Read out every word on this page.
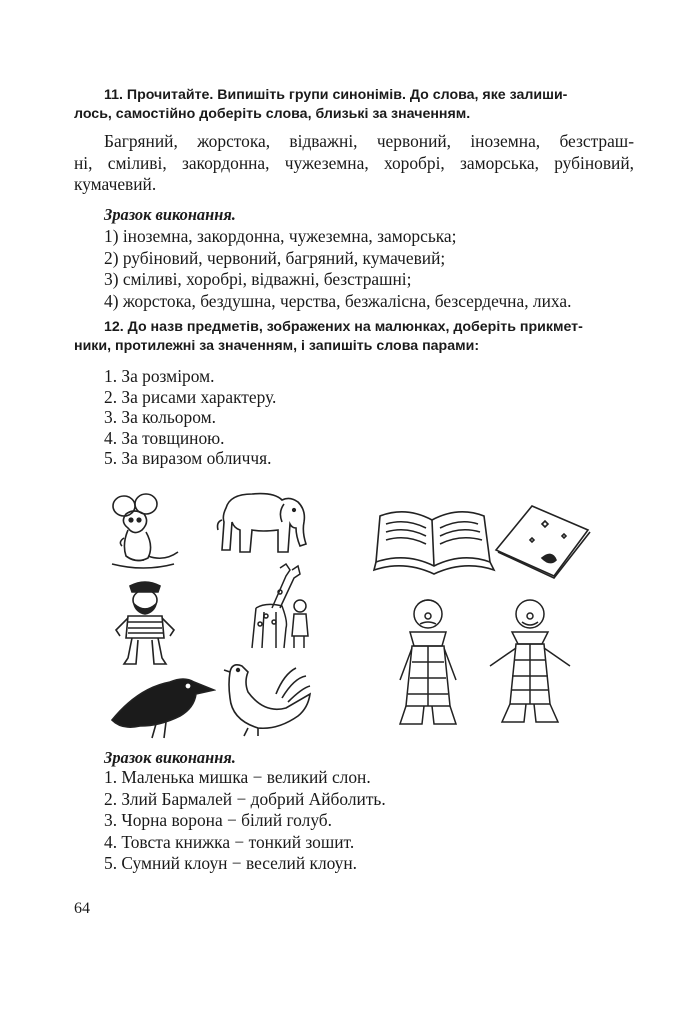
11. Прочитайте. Випишіть групи синонімів. До слова, яке залиши-
лось, самостійно доберіть слова, близькі за значенням.
Багряний, жорстока, відважні, червоний, іноземна, безстраш-
ні, сміливі, закордонна, чужеземна, хоробрі, заморська, рубіновий,
кумачевий.
Зразок виконання.
1) іноземна, закордонна, чужеземна, заморська;
2) рубіновий, червоний, багряний, кумачевий;
3) сміливі, хоробрі, відважні, безстрашні;
4) жорстока, бездушна, черства, безжалісна, безсердечна, лиха.
12. До назв предметів, зображених на малюнках, доберіть прикмет-
ники, протилежні за значенням, і запишіть слова парами:
1. За розміром.
2. За рисами характеру.
3. За кольором.
4. За товщиною.
5. За виразом обличчя.
Зразок виконання.
1. Маленька мишка − великий слон.
2. Злий Бармалей − добрий Айболить.
3. Чорна ворона − білий голуб.
4. Товста книжка − тонкий зошит.
5. Сумний клоун − веселий клоун.
64
